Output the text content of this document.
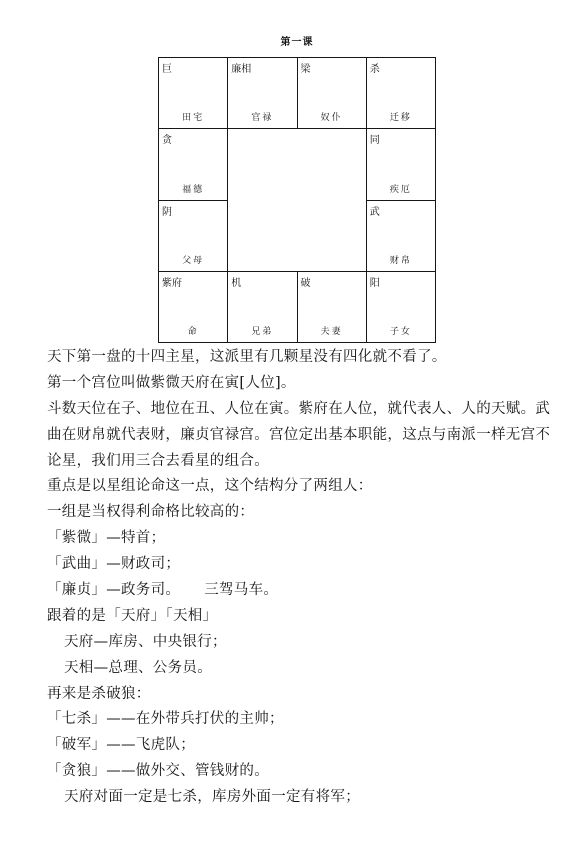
第一课
巨
田宅
廉相
官禄
梁
奴仆
杀
迁移
贪
福德
同
疾厄
阴
父母
武
财帛
紫府
命
机
兄弟
破
夫妻
阳
子女
天下第一盘的十四主星，这派里有几颗星没有四化就不看了。
第一个宫位叫做紫微天府在寅[人位]。
斗数天位在子、地位在丑、人位在寅。紫府在人位，就代表人、人的天赋。武
曲在财帛就代表财，廉贞官禄宫。宫位定出基本职能，这点与南派一样无宫不
论星，我们用三合去看星的组合。
重点是以星组论命这一点，这个结构分了两组人：
一组是当权得利命格比较高的：
「紫微」—特首；
「武曲」—财政司；
「廉贞」—政务司。 三驾马车。
跟着的是「天府」「天相」
天府—库房、中央银行；
天相—总理、公务员。
再来是杀破狼：
「七杀」——在外带兵打伏的主帅；
「破军」——飞虎队；
「贪狼」——做外交、管钱财的。
天府对面一定是七杀，库房外面一定有将军；
